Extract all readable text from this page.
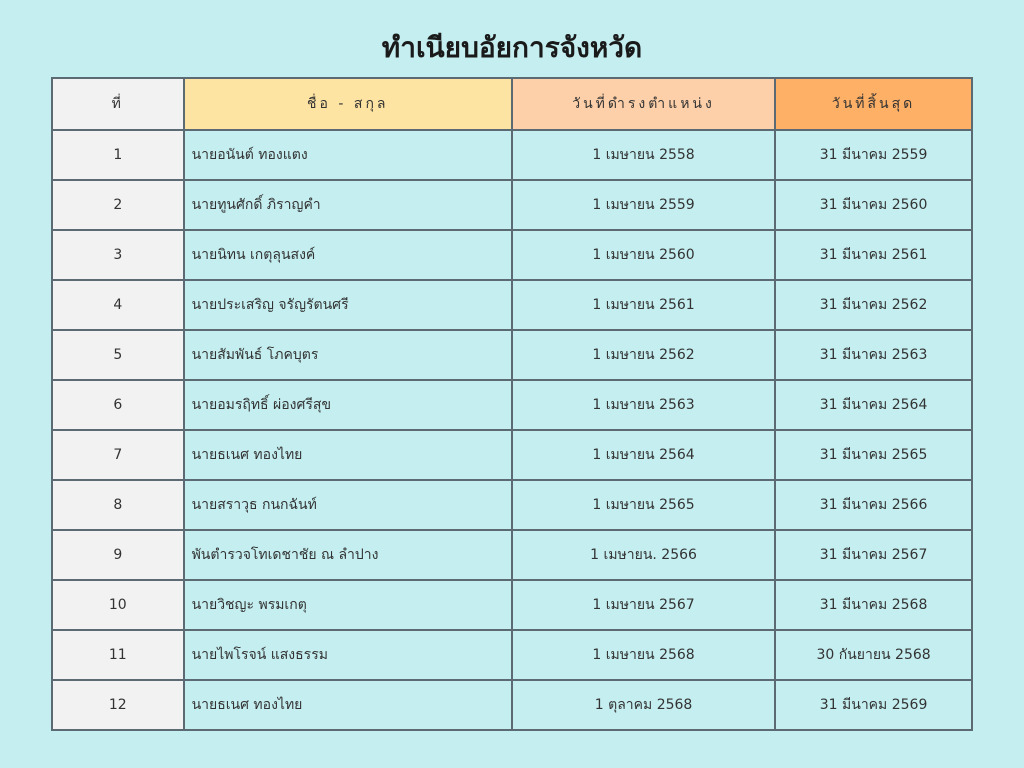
ทำเนียบอัยการจังหวัด
ที่	ชื่อ - สกุล	วันที่ดำรงตำแหน่ง	วันที่สิ้นสุด
1	นายอนันต์ ทองแตง	1 เมษายน 2558	31 มีนาคม 2559
2	นายทูนศักดิ์ ภิราญคำ	1 เมษายน 2559	31 มีนาคม 2560
3	นายนิทน เกตุลุนสงค์	1 เมษายน 2560	31 มีนาคม 2561
4	นายประเสริญ จรัญรัตนศรี	1 เมษายน 2561	31 มีนาคม 2562
5	นายสัมพันธ์ โภคบุตร	1 เมษายน 2562	31 มีนาคม 2563
6	นายอมรฤิทธิ์ ผ่องศรีสุข	1 เมษายน 2563	31 มีนาคม 2564
7	นายธเนศ ทองไทย	1 เมษายน 2564	31 มีนาคม 2565
8	นายสราวุธ กนกฉันท์	1 เมษายน 2565	31 มีนาคม 2566
9	พันตำรวจโทเดชาชัย ณ ลำปาง	1 เมษายน. 2566	31 มีนาคม 2567
10	นายวิชญะ พรมเกตุ	1 เมษายน 2567	31 มีนาคม 2568
11	นายไพโรจน์ แสงธรรม	1 เมษายน 2568	30 กันยายน 2568
12	นายธเนศ ทองไทย	1 ตุลาคม 2568	31 มีนาคม 2569
